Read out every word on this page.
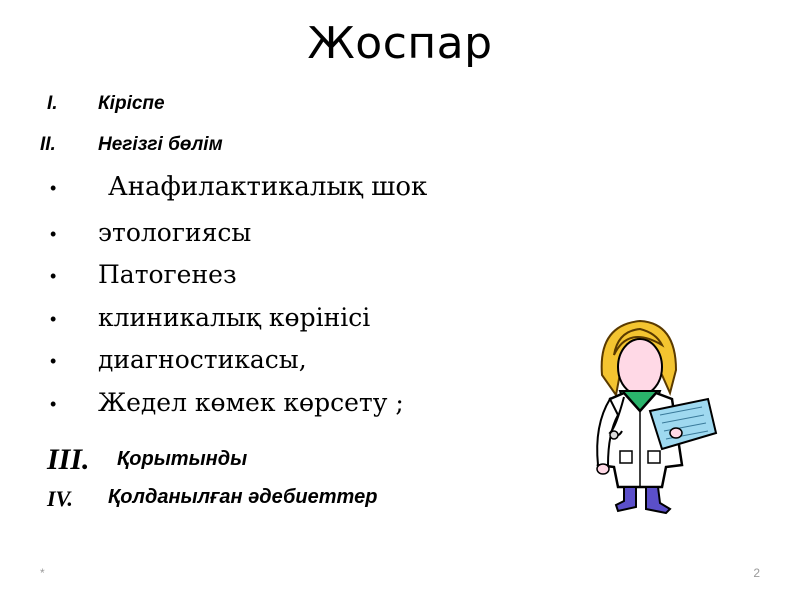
Жоспар
I. Кіріспе
II. Негізгі бөлім
• Анафилактикалық шок
• этологиясы
• Патогенез
• клиникалық көрінісі
• диагностикасы,
• Жедел көмек көрсету ;
III. Қорытынды
IV. Қолданылған әдебиеттер
*	2
